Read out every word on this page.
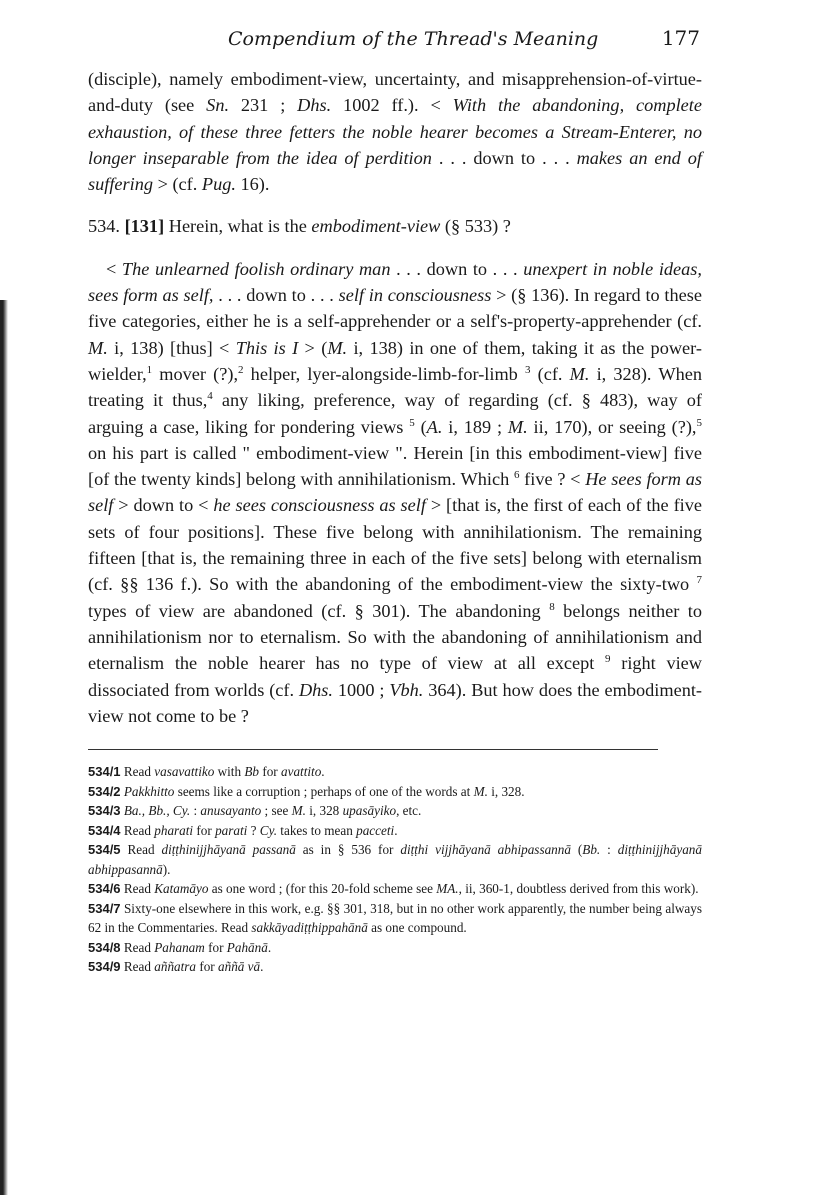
Compendium of the Thread's Meaning	177

(disciple), namely embodiment-view, uncertainty, and misapprehension-of-virtue-and-duty (see Sn. 231 ; Dhs. 1002 ff.). < With the abandoning, complete exhaustion, of these three fetters the noble hearer becomes a Stream-Enterer, no longer inseparable from the idea of perdition . . . down to . . . makes an end of suffering > (cf. Pug. 16).

534. [131] Herein, what is the embodiment-view (§ 533) ?

< The unlearned foolish ordinary man . . . down to . . . unexpert in noble ideas, sees form as self, . . . down to . . . self in consciousness > (§ 136). In regard to these five categories, either he is a self-apprehender or a self's-property-apprehender (cf. M. i, 138) [thus] < This is I > (M. i, 138) in one of them, taking it as the power-wielder,$^1$ mover (?),$^2$ helper, lyer-alongside-limb-for-limb $^3$ (cf. M. i, 328). When treating it thus,$^4$ any liking, preference, way of regarding (cf. § 483), way of arguing a case, liking for pondering views $^5$ (A. i, 189 ; M. ii, 170), or seeing (?),$^5$ on his part is called " embodiment-view ". Herein [in this embodiment-view] five [of the twenty kinds] belong with annihilationism. Which $^6$ five ? < He sees form as self > down to < he sees consciousness as self > [that is, the first of each of the five sets of four positions]. These five belong with annihilationism. The remaining fifteen [that is, the remaining three in each of the five sets] belong with eternalism (cf. §§ 136 f.). So with the abandoning of the embodiment-view the sixty-two $^7$ types of view are abandoned (cf. § 301). The abandoning $^8$ belongs neither to annihilationism nor to eternalism. So with the abandoning of annihilationism and eternalism the noble hearer has no type of view at all except $^9$ right view dissociated from worlds (cf. Dhs. 1000 ; Vbh. 364). But how does the embodiment-view not come to be ?

534/1 Read vasavattiko with Bb for avattito.

534/2 Pakkhitto seems like a corruption ; perhaps of one of the words at M. i, 328.

534/3 Ba., Bb., Cy. : anusayanto ; see M. i, 328 upasāyiko, etc.

534/4 Read pharati for parati ? Cy. takes to mean pacceti.

534/5 Read diṭṭhinijjhāyanā passanā as in § 536 for diṭṭhi vijjhāyanā abhipassannā (Bb. : diṭṭhinijjhāyanā abhippasannā).

534/6 Read Katamāyo as one word ; (for this 20-fold scheme see MA., ii, 360-1, doubtless derived from this work).

534/7 Sixty-one elsewhere in this work, e.g. §§ 301, 318, but in no other work apparently, the number being always 62 in the Commentaries. Read sakkāyadiṭṭhippahānā as one compound.

534/8 Read Pahanam for Pahānā.

534/9 Read aññatra for aññā vā.
